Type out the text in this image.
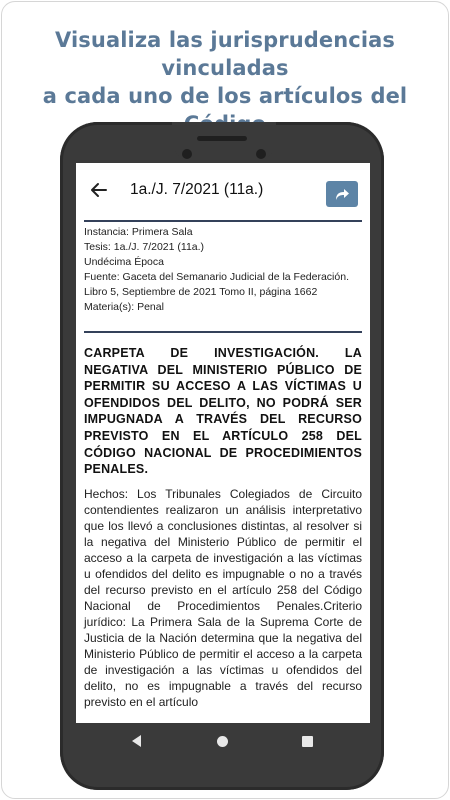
Visualiza las jurisprudencias vinculadas
a cada uno de los artículos del
1a./J. 7/2021 (11a.)
Instancia: Primera Sala
Tesis: 1a./J. 7/2021 (11a.)
Undécima Época
Fuente: Gaceta del Semanario Judicial de la Federación. Libro 5, Septiembre de 2021 Tomo II, página 1662
Materia(s): Penal
CARPETA DE INVESTIGACIÓN. LA NEGATIVA DEL MINISTERIO PÚBLICO DE PERMITIR SU ACCESO A LAS VÍCTIMAS U OFENDIDOS DEL DELITO, NO PODRÁ SER IMPUGNADA A TRAVÉS DEL RECURSO PREVISTO EN EL ARTÍCULO 258 DEL CÓDIGO NACIONAL DE PROCEDIMIENTOS PENALES.
Hechos: Los Tribunales Colegiados de Circuito contendientes realizaron un análisis interpretativo que los llevó a conclusiones distintas, al resolver si la negativa del Ministerio Público de permitir el acceso a la carpeta de investigación a las víctimas u ofendidos del delito es impugnable o no a través del recurso previsto en el artículo 258 del Código Nacional de Procedimientos Penales.Criterio jurídico: La Primera Sala de la Suprema Corte de Justicia de la Nación determina que la negativa del Ministerio Público de permitir el acceso a la carpeta de investigación a las víctimas u ofendidos del delito, no es impugnable a través del recurso previsto en el artículo
